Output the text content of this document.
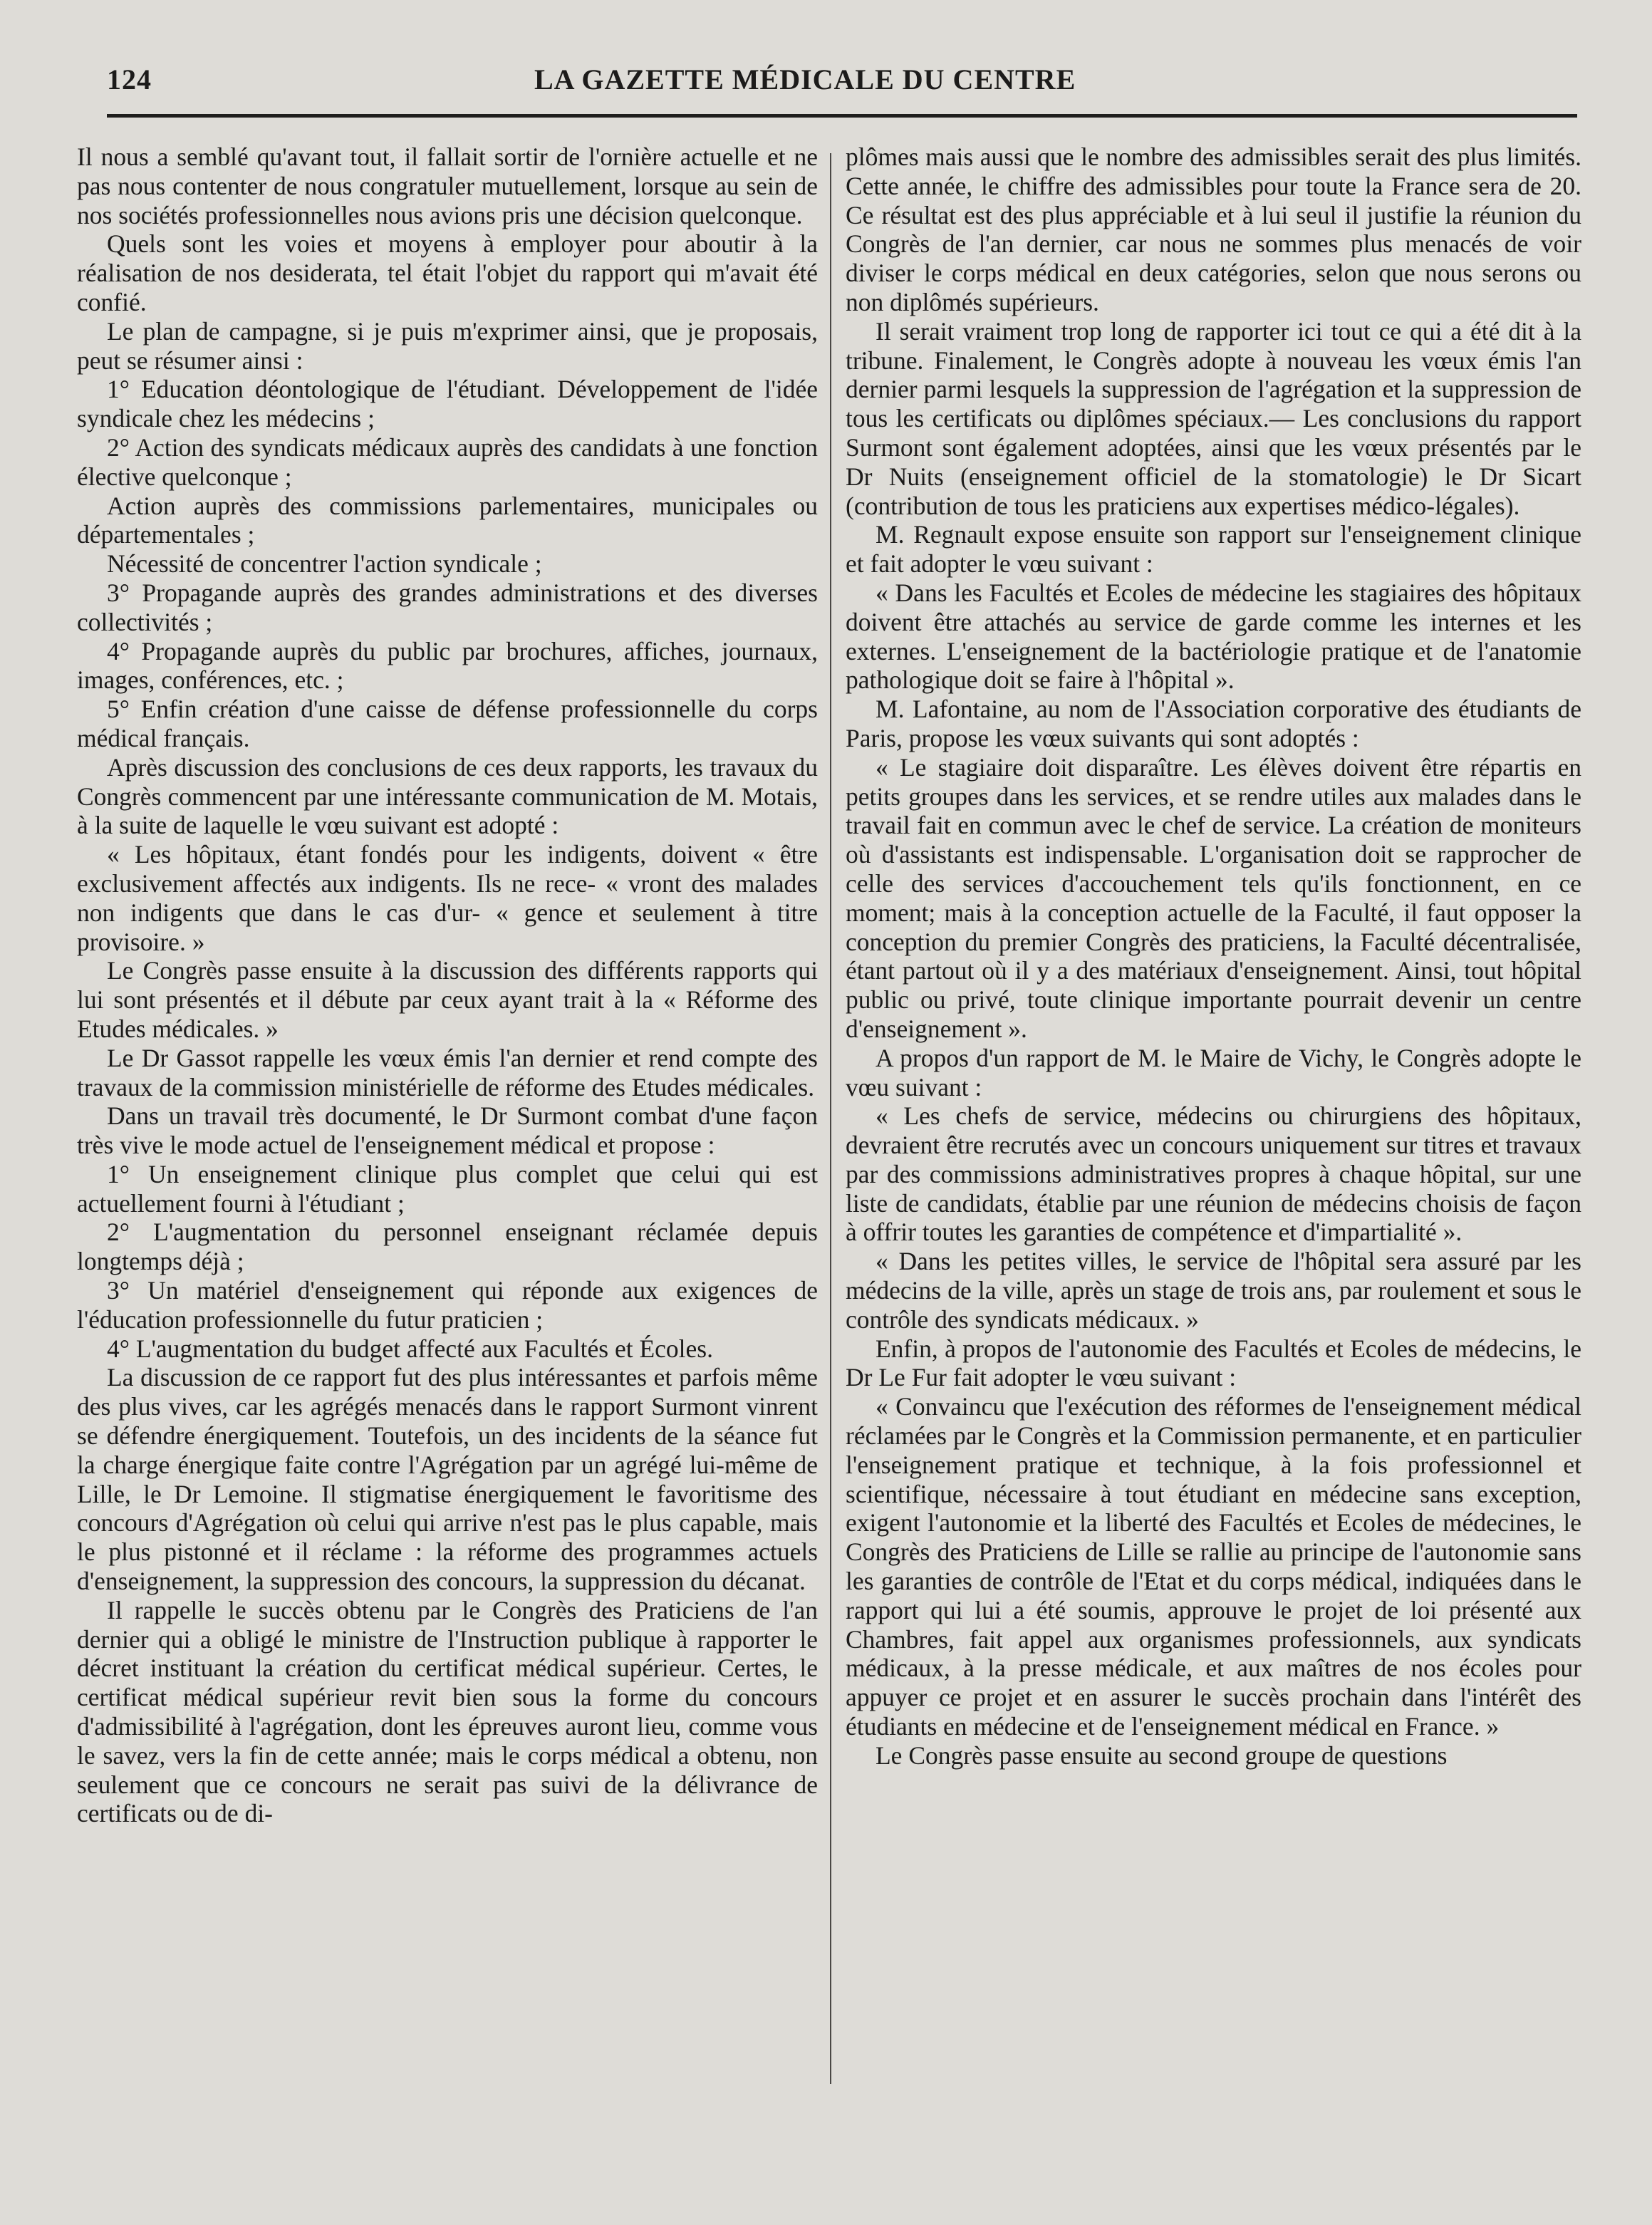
124	LA GAZETTE MÉDICALE DU CENTRE

Il nous a semblé qu'avant tout, il fallait sortir de l'ornière actuelle et ne pas nous contenter de nous congratuler mutuellement, lorsque au sein de nos sociétés professionnelles nous avions pris une décision quelconque.

Quels sont les voies et moyens à employer pour aboutir à la réalisation de nos desiderata, tel était l'objet du rapport qui m'avait été confié.

Le plan de campagne, si je puis m'exprimer ainsi, que je proposais, peut se résumer ainsi :

1° Education déontologique de l'étudiant. Développement de l'idée syndicale chez les médecins ;

2° Action des syndicats médicaux auprès des candidats à une fonction élective quelconque ;

Action auprès des commissions parlementaires, municipales ou départementales ;

Nécessité de concentrer l'action syndicale ;

3° Propagande auprès des grandes administrations et des diverses collectivités ;

4° Propagande auprès du public par brochures, affiches, journaux, images, conférences, etc. ;

5° Enfin création d'une caisse de défense professionnelle du corps médical français.

Après discussion des conclusions de ces deux rapports, les travaux du Congrès commencent par une intéressante communication de M. Motais, à la suite de laquelle le vœu suivant est adopté :

« Les hôpitaux, étant fondés pour les indigents, doivent « être exclusivement affectés aux indigents. Ils ne rece- « vront des malades non indigents que dans le cas d'ur- « gence et seulement à titre provisoire. »

Le Congrès passe ensuite à la discussion des différents rapports qui lui sont présentés et il débute par ceux ayant trait à la « Réforme des Etudes médicales. »

Le Dr Gassot rappelle les vœux émis l'an dernier et rend compte des travaux de la commission ministérielle de réforme des Etudes médicales.

Dans un travail très documenté, le Dr Surmont combat d'une façon très vive le mode actuel de l'enseignement médical et propose :

1° Un enseignement clinique plus complet que celui qui est actuellement fourni à l'étudiant ;

2° L'augmentation du personnel enseignant réclamée depuis longtemps déjà ;

3° Un matériel d'enseignement qui réponde aux exigences de l'éducation professionnelle du futur praticien ;

4° L'augmentation du budget affecté aux Facultés et Écoles.

La discussion de ce rapport fut des plus intéressantes et parfois même des plus vives, car les agrégés menacés dans le rapport Surmont vinrent se défendre énergiquement. Toutefois, un des incidents de la séance fut la charge énergique faite contre l'Agrégation par un agrégé lui-même de Lille, le Dr Lemoine. Il stigmatise énergiquement le favoritisme des concours d'Agrégation où celui qui arrive n'est pas le plus capable, mais le plus pistonné et il réclame : la réforme des programmes actuels d'enseignement, la suppression des concours, la suppression du décanat.

Il rappelle le succès obtenu par le Congrès des Praticiens de l'an dernier qui a obligé le ministre de l'Instruction publique à rapporter le décret instituant la création du certificat médical supérieur. Certes, le certificat médical supérieur revit bien sous la forme du concours d'admissibilité à l'agrégation, dont les épreuves auront lieu, comme vous le savez, vers la fin de cette année; mais le corps médical a obtenu, non seulement que ce concours ne serait pas suivi de la délivrance de certificats ou de di-

plômes mais aussi que le nombre des admissibles serait des plus limités. Cette année, le chiffre des admissibles pour toute la France sera de 20. Ce résultat est des plus appréciable et à lui seul il justifie la réunion du Congrès de l'an dernier, car nous ne sommes plus menacés de voir diviser le corps médical en deux catégories, selon que nous serons ou non diplômés supérieurs.

Il serait vraiment trop long de rapporter ici tout ce qui a été dit à la tribune. Finalement, le Congrès adopte à nouveau les vœux émis l'an dernier parmi lesquels la suppression de l'agrégation et la suppression de tous les certificats ou diplômes spéciaux.— Les conclusions du rapport Surmont sont également adoptées, ainsi que les vœux présentés par le Dr Nuits (enseignement officiel de la stomatologie) le Dr Sicart (contribution de tous les praticiens aux expertises médico-légales).

M. Regnault expose ensuite son rapport sur l'enseignement clinique et fait adopter le vœu suivant :

« Dans les Facultés et Ecoles de médecine les stagiaires des hôpitaux doivent être attachés au service de garde comme les internes et les externes. L'enseignement de la bactériologie pratique et de l'anatomie pathologique doit se faire à l'hôpital ».

M. Lafontaine, au nom de l'Association corporative des étudiants de Paris, propose les vœux suivants qui sont adoptés :

« Le stagiaire doit disparaître. Les élèves doivent être répartis en petits groupes dans les services, et se rendre utiles aux malades dans le travail fait en commun avec le chef de service. La création de moniteurs où d'assistants est indispensable. L'organisation doit se rapprocher de celle des services d'accouchement tels qu'ils fonctionnent, en ce moment; mais à la conception actuelle de la Faculté, il faut opposer la conception du premier Congrès des praticiens, la Faculté décentralisée, étant partout où il y a des matériaux d'enseignement. Ainsi, tout hôpital public ou privé, toute clinique importante pourrait devenir un centre d'enseignement ».

A propos d'un rapport de M. le Maire de Vichy, le Congrès adopte le vœu suivant :

« Les chefs de service, médecins ou chirurgiens des hôpitaux, devraient être recrutés avec un concours uniquement sur titres et travaux par des commissions administratives propres à chaque hôpital, sur une liste de candidats, établie par une réunion de médecins choisis de façon à offrir toutes les garanties de compétence et d'impartialité ».

« Dans les petites villes, le service de l'hôpital sera assuré par les médecins de la ville, après un stage de trois ans, par roulement et sous le contrôle des syndicats médicaux. »

Enfin, à propos de l'autonomie des Facultés et Ecoles de médecins, le Dr Le Fur fait adopter le vœu suivant :

« Convaincu que l'exécution des réformes de l'enseignement médical réclamées par le Congrès et la Commission permanente, et en particulier l'enseignement pratique et technique, à la fois professionnel et scientifique, nécessaire à tout étudiant en médecine sans exception, exigent l'autonomie et la liberté des Facultés et Ecoles de médecines, le Congrès des Praticiens de Lille se rallie au principe de l'autonomie sans les garanties de contrôle de l'Etat et du corps médical, indiquées dans le rapport qui lui a été soumis, approuve le projet de loi présenté aux Chambres, fait appel aux organismes professionnels, aux syndicats médicaux, à la presse médicale, et aux maîtres de nos écoles pour appuyer ce projet et en assurer le succès prochain dans l'intérêt des étudiants en médecine et de l'enseignement médical en France. »

Le Congrès passe ensuite au second groupe de questions
